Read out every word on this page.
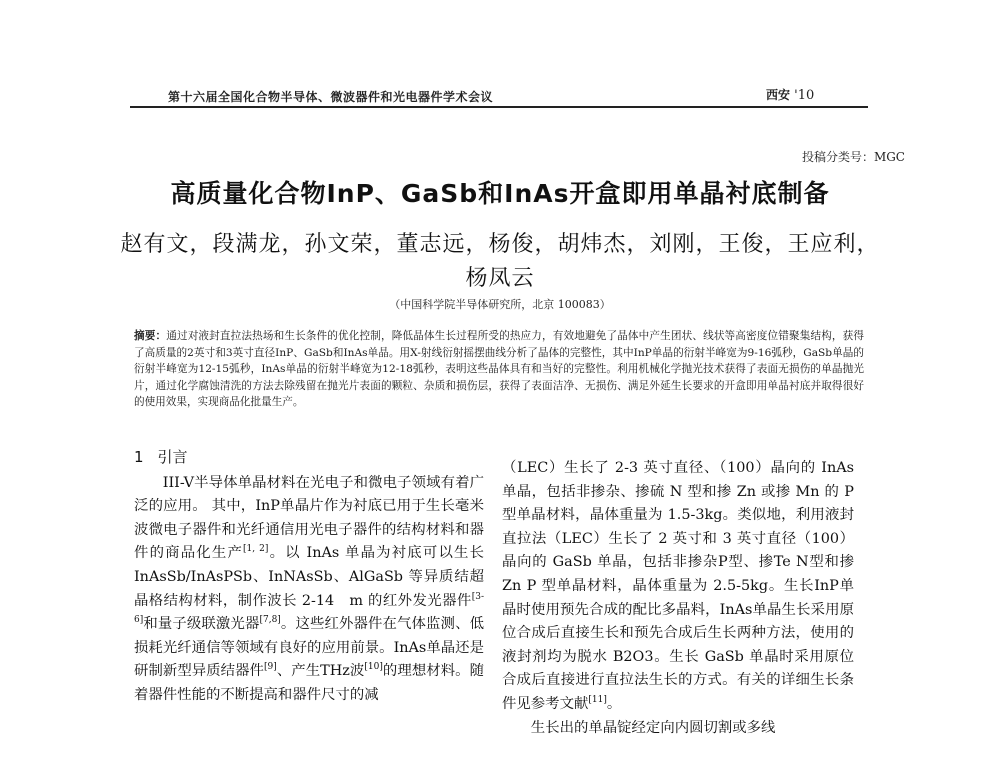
第十六届全国化合物半导体、微波器件和光电器件学术会议	西安 '10
投稿分类号：MGC
高质量化合物InP、GaSb和InAs开盒即用单晶衬底制备
赵有文，段满龙，孙文荣，董志远，杨俊，胡炜杰，刘刚，王俊，王应利，杨凤云
（中国科学院半导体研究所，北京 100083）
摘要：通过对液封直拉法热场和生长条件的优化控制，降低晶体生长过程所受的热应力，有效地避免了晶体中产生团状、线状等高密度位错聚集结构，获得了高质量的2英寸和3英寸直径InP、GaSb和InAs单晶。用X-射线衍射摇摆曲线分析了晶体的完整性，其中InP单晶的衍射半峰宽为9-16弧秒，GaSb单晶的衍射半峰宽为12-15弧秒，InAs单晶的衍射半峰宽为12-18弧秒，表明这些晶体具有和当好的完整性。利用机械化学抛光技术获得了表面无损伤的单晶抛光片，通过化学腐蚀清洗的方法去除残留在抛光片表面的颗粒、杂质和损伤层，获得了表面洁净、无损伤、满足外延生长要求的开盒即用单晶衬底并取得很好的使用效果，实现商品化批量生产。
1 引言

III-V半导体单晶材料在光电子和微电子领域有着广泛的应用。 其中，InP单晶片作为衬底已用于生长毫米波微电子器件和光纤通信用光电子器件的结构材料和器件的商品化生产[1, 2]。以 InAs 单晶为衬底可以生长InAsSb/InAsPSb、InNAsSb、AlGaSb 等异质结超晶格结构材料，制作波长 2-14　m 的红外发光器件[3-6]和量子级联激光器[7,8]。这些红外器件在气体监测、低损耗光纤通信等领域有良好的应用前景。InAs单晶还是研制新型异质结器件[9]、产生THz波[10]的理想材料。随着器件性能的不断提高和器件尺寸的减

（LEC）生长了 2-3 英寸直径、（100）晶向的 InAs 单晶，包括非掺杂、掺硫 N 型和掺 Zn 或掺 Mn 的 P 型单晶材料，晶体重量为 1.5-3kg。类似地，利用液封直拉法（LEC）生长了 2 英寸和 3 英寸直径（100）晶向的 GaSb 单晶，包括非掺杂P型、掺Te N型和掺 Zn P 型单晶材料，晶体重量为 2.5-5kg。生长InP单晶时使用预先合成的配比多晶料，InAs单晶生长采用原位合成后直接生长和预先合成后生长两种方法，使用的液封剂均为脱水 B2O3。生长 GaSb 单晶时采用原位合成后直接进行直拉法生长的方式。有关的详细生长条件见参考文献[11]。

生长出的单晶锭经定向内圆切割或多线
